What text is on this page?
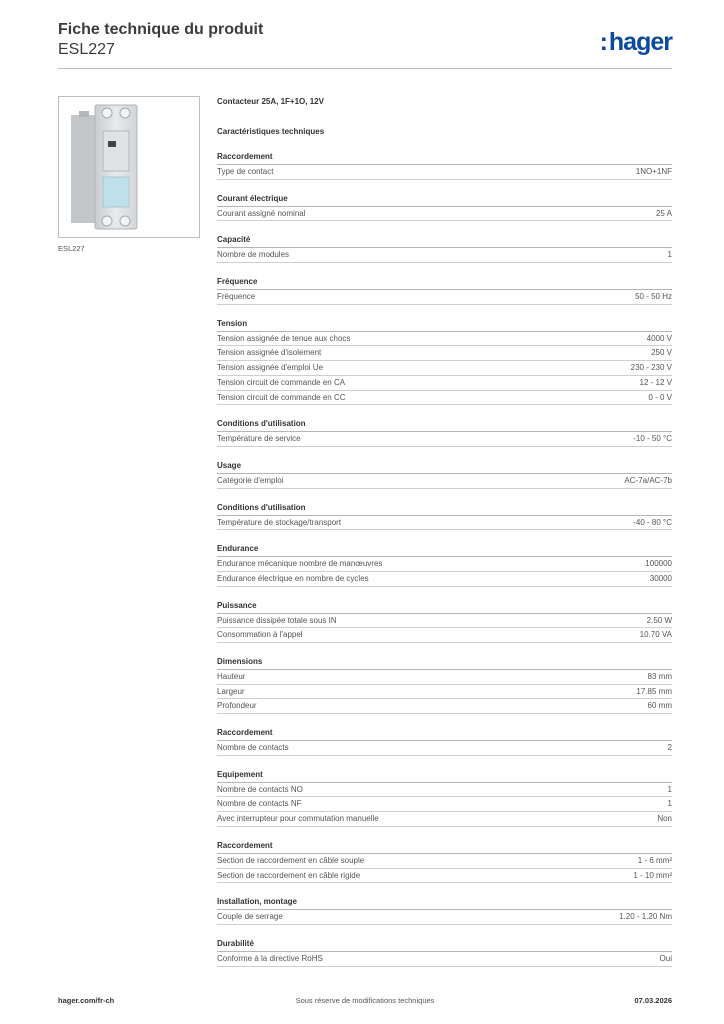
Fiche technique du produit
ESL227	:hager
ESL227
Contacteur 25A, 1F+1O, 12V
Caractéristiques techniques
Raccordement
Type de contact	1NO+1NF
Courant électrique
Courant assigné nominal	25 A
Capacité
Nombre de modules	1
Fréquence
Fréquence	50 - 50 Hz
Tension
Tension assignée de tenue aux chocs	4000 V
Tension assignée d'isolement	250 V
Tension assignée d'emploi Ue	230 - 230 V
Tension circuit de commande en CA	12 - 12 V
Tension circuit de commande en CC	0 - 0 V
Conditions d'utilisation
Température de service	-10 - 50 °C
Usage
Catégorie d'emploi	AC-7a/AC-7b
Conditions d'utilisation
Température de stockage/transport	-40 - 80 °C
Endurance
Endurance mécanique nombre de manœuvres	100000
Endurance électrique en nombre de cycles	30000
Puissance
Puissance dissipée totale sous IN	2.50 W
Consommation à l'appel	10.70 VA
Dimensions
Hauteur	83 mm
Largeur	17.85 mm
Profondeur	60 mm
Raccordement
Nombre de contacts	2
Equipement
Nombre de contacts NO	1
Nombre de contacts NF	1
Avec interrupteur pour commutation manuelle	Non
Raccordement
Section de raccordement en câble souple	1 - 6 mm²
Section de raccordement en câble rigide	1 - 10 mm²
Installation, montage
Couple de serrage	1.20 - 1.20 Nm
Durabilité
Conforme à la directive RoHS	Oui
hager.com/fr-ch	Sous réserve de modifications techniques	07.03.2026
